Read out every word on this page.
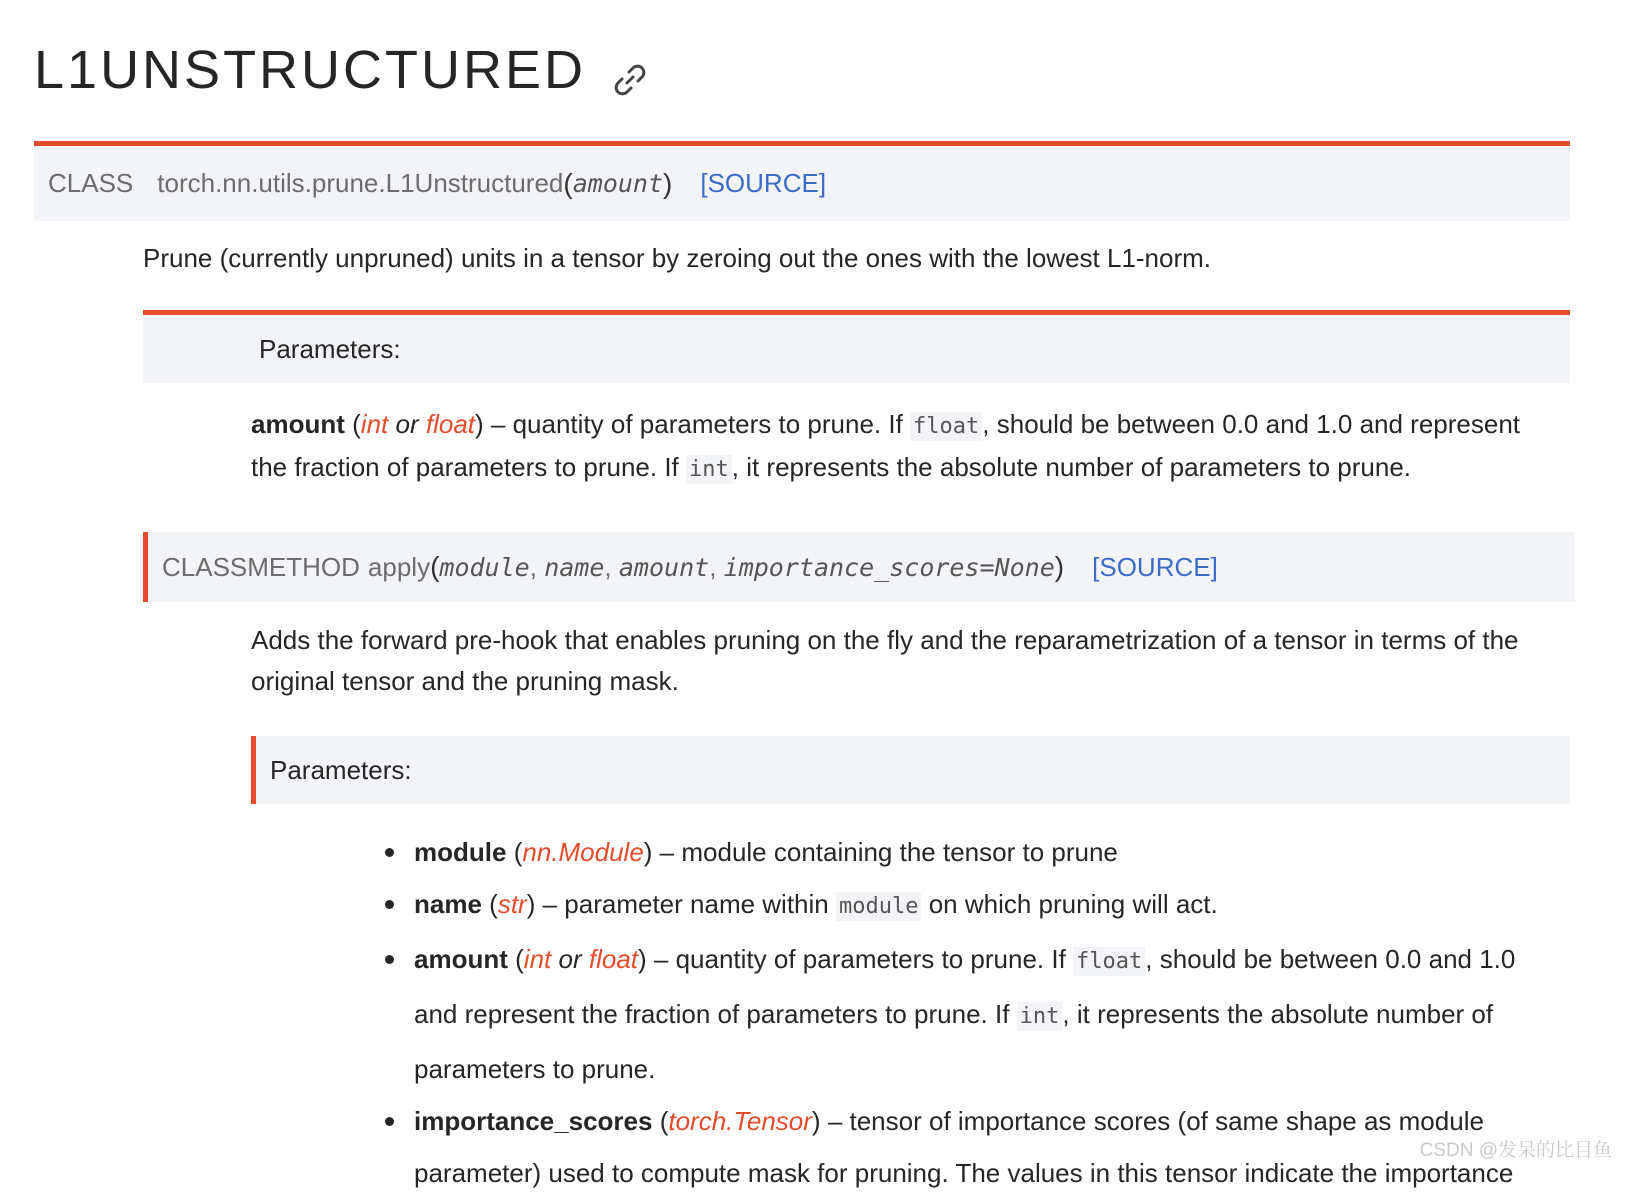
L1UNSTRUCTURED
CLASS torch.nn.utils.prune.L1Unstructured ( amount ) [SOURCE]

Prune (currently unpruned) units in a tensor by zeroing out the ones with the lowest L1-norm.

Parameters:

amount (int or float) – quantity of parameters to prune. If float , should be between 0.0 and 1.0 and represent the fraction of parameters to prune. If int , it represents the absolute number of parameters to prune.

CLASSMETHOD apply ( module ,
name ,
amount ,
importance_scores=None ) [SOURCE]

Adds the forward pre-hook that enables pruning on the fly and the reparametrization of a tensor in terms of the original tensor and the pruning mask.

Parameters:
module (nn.Module) – module containing the tensor to prune
name (str) – parameter name within module on which pruning will act.
amount (int or float) – quantity of parameters to prune. If float , should be between 0.0 and 1.0 and represent the fraction of parameters to prune. If int , it represents the absolute number of parameters to prune.
importance_scores (torch.Tensor) – tensor of importance scores (of same shape as module parameter) used to compute mask for pruning. The values in this tensor indicate the importance
CSDN @发呆的比目鱼
